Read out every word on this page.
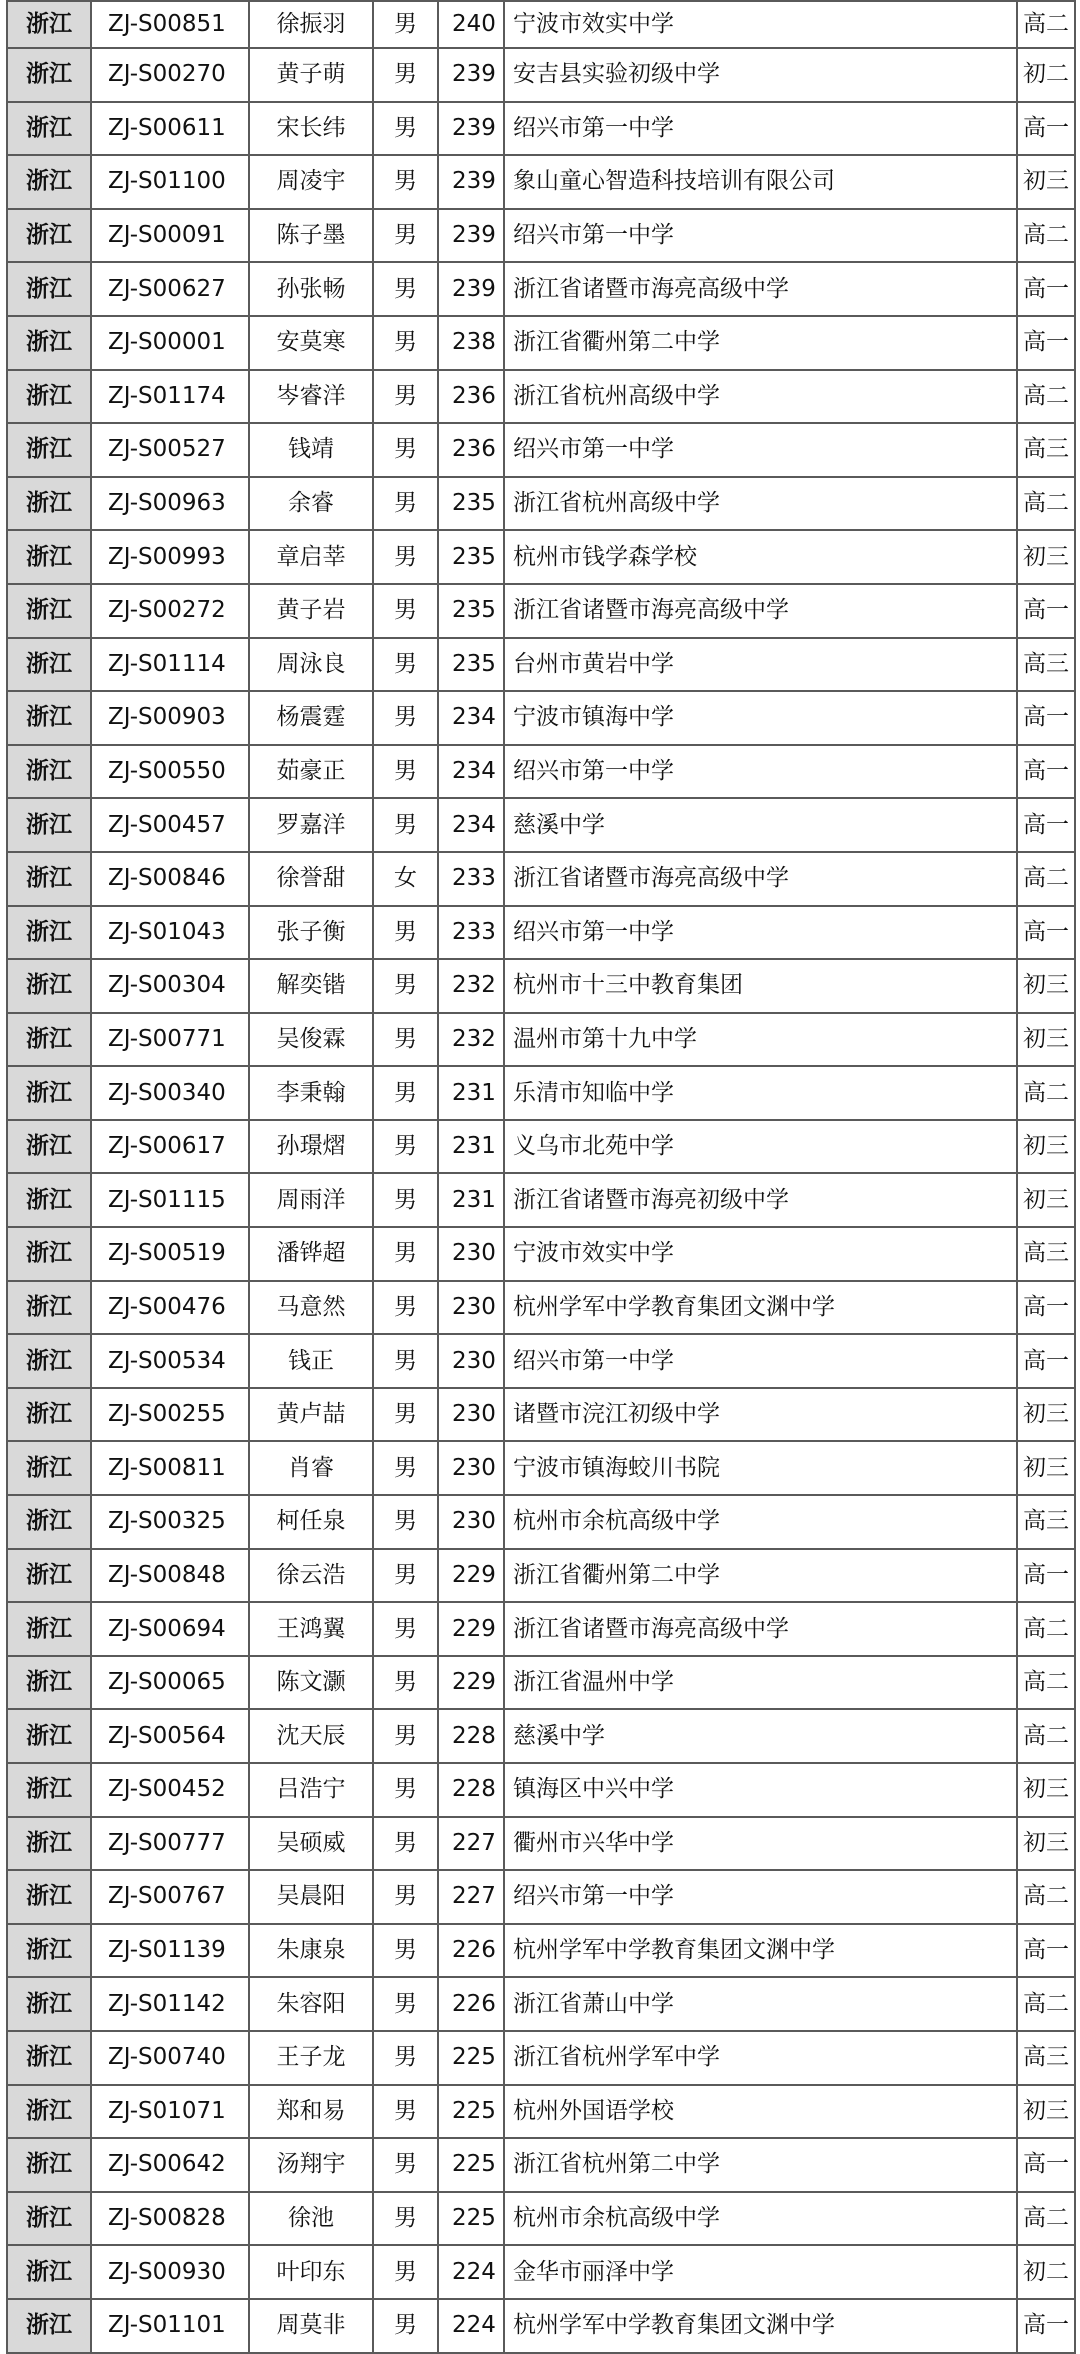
浙江	ZJ-S00851	徐振羽	男	240	宁波市效实中学	高二
浙江	ZJ-S00270	黄子萌	男	239	安吉县实验初级中学	初二
浙江	ZJ-S00611	宋长纬	男	239	绍兴市第一中学	高一
浙江	ZJ-S01100	周凌宇	男	239	象山童心智造科技培训有限公司	初三
浙江	ZJ-S00091	陈子墨	男	239	绍兴市第一中学	高二
浙江	ZJ-S00627	孙张畅	男	239	浙江省诸暨市海亮高级中学	高一
浙江	ZJ-S00001	安莫寒	男	238	浙江省衢州第二中学	高一
浙江	ZJ-S01174	岑睿洋	男	236	浙江省杭州高级中学	高二
浙江	ZJ-S00527	钱靖	男	236	绍兴市第一中学	高三
浙江	ZJ-S00963	余睿	男	235	浙江省杭州高级中学	高二
浙江	ZJ-S00993	章启莘	男	235	杭州市钱学森学校	初三
浙江	ZJ-S00272	黄子岩	男	235	浙江省诸暨市海亮高级中学	高一
浙江	ZJ-S01114	周泳良	男	235	台州市黄岩中学	高三
浙江	ZJ-S00903	杨震霆	男	234	宁波市镇海中学	高一
浙江	ZJ-S00550	茹豪正	男	234	绍兴市第一中学	高一
浙江	ZJ-S00457	罗嘉洋	男	234	慈溪中学	高一
浙江	ZJ-S00846	徐誉甜	女	233	浙江省诸暨市海亮高级中学	高二
浙江	ZJ-S01043	张子衡	男	233	绍兴市第一中学	高一
浙江	ZJ-S00304	解奕锴	男	232	杭州市十三中教育集团	初三
浙江	ZJ-S00771	吴俊霖	男	232	温州市第十九中学	初三
浙江	ZJ-S00340	李秉翰	男	231	乐清市知临中学	高二
浙江	ZJ-S00617	孙璟熠	男	231	义乌市北苑中学	初三
浙江	ZJ-S01115	周雨洋	男	231	浙江省诸暨市海亮初级中学	初三
浙江	ZJ-S00519	潘铧超	男	230	宁波市效实中学	高三
浙江	ZJ-S00476	马意然	男	230	杭州学军中学教育集团文渊中学	高一
浙江	ZJ-S00534	钱正	男	230	绍兴市第一中学	高一
浙江	ZJ-S00255	黄卢喆	男	230	诸暨市浣江初级中学	初三
浙江	ZJ-S00811	肖睿	男	230	宁波市镇海蛟川书院	初三
浙江	ZJ-S00325	柯任泉	男	230	杭州市余杭高级中学	高三
浙江	ZJ-S00848	徐云浩	男	229	浙江省衢州第二中学	高一
浙江	ZJ-S00694	王鸿翼	男	229	浙江省诸暨市海亮高级中学	高二
浙江	ZJ-S00065	陈文灏	男	229	浙江省温州中学	高二
浙江	ZJ-S00564	沈天辰	男	228	慈溪中学	高二
浙江	ZJ-S00452	吕浩宁	男	228	镇海区中兴中学	初三
浙江	ZJ-S00777	吴硕威	男	227	衢州市兴华中学	初三
浙江	ZJ-S00767	吴晨阳	男	227	绍兴市第一中学	高二
浙江	ZJ-S01139	朱康泉	男	226	杭州学军中学教育集团文渊中学	高一
浙江	ZJ-S01142	朱容阳	男	226	浙江省萧山中学	高二
浙江	ZJ-S00740	王子龙	男	225	浙江省杭州学军中学	高三
浙江	ZJ-S01071	郑和易	男	225	杭州外国语学校	初三
浙江	ZJ-S00642	汤翔宇	男	225	浙江省杭州第二中学	高一
浙江	ZJ-S00828	徐池	男	225	杭州市余杭高级中学	高二
浙江	ZJ-S00930	叶印东	男	224	金华市丽泽中学	初二
浙江	ZJ-S01101	周莫非	男	224	杭州学军中学教育集团文渊中学	高一
